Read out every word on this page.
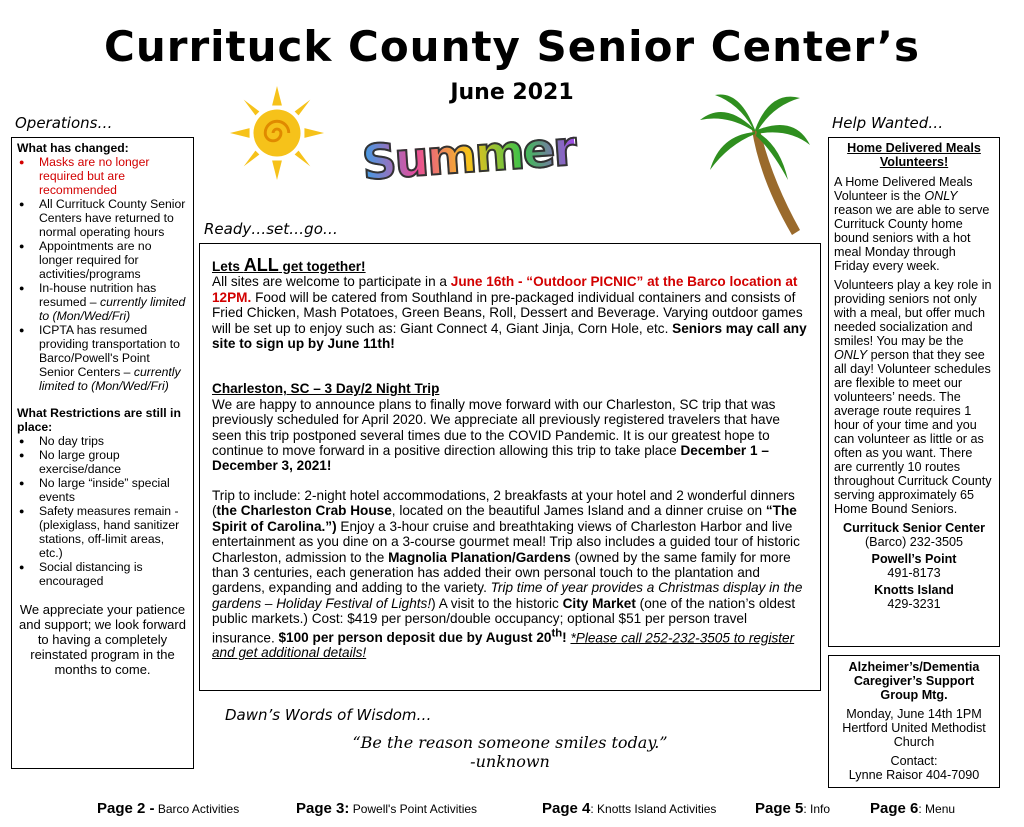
Currituck County Senior Center’s
June 2021
Summer
Operations…
Ready…set…go…
Help Wanted…
What has changed:
● Masks are no longer required but are recommended
● All Currituck County Senior Centers have returned to normal operating hours
● Appointments are no longer required for activities/programs
● In-house nutrition has resumed – currently limited to (Mon/Wed/Fri)
● ICPTA has resumed providing transportation to Barco/Powell's Point Senior Centers – currently limited to (Mon/Wed/Fri)
What Restrictions are still in place:
● No day trips
● No large group exercise/dance
● No large “inside” special events
● Safety measures remain - (plexiglass, hand sanitizer stations, off-limit areas, etc.)
● Social distancing is encouraged
We appreciate your patience and support; we look forward to having a completely reinstated program in the months to come.

Lets ALL get together!

All sites are welcome to participate in a June 16th - “Outdoor PICNIC” at the Barco location at 12PM. Food will be catered from Southland in pre-packaged individual containers and consists of Fried Chicken, Mash Potatoes, Green Beans, Roll, Dessert and Beverage. Varying outdoor games will be set up to enjoy such as: Giant Connect 4, Giant Jinja, Corn Hole, etc. Seniors may call any site to sign up by June 11th!

Charleston, SC – 3 Day/2 Night Trip

We are happy to announce plans to finally move forward with our Charleston, SC trip that was previously scheduled for April 2020. We appreciate all previously registered travelers that have seen this trip postponed several times due to the COVID Pandemic. It is our greatest hope to continue to move forward in a positive direction allowing this trip to take place December 1 – December 3, 2021!

Trip to include: 2-night hotel accommodations, 2 breakfasts at your hotel and 2 wonderful dinners (the Charleston Crab House, located on the beautiful James Island and a dinner cruise on “The Spirit of Carolina.”) Enjoy a 3-hour cruise and breathtaking views of Charleston Harbor and live entertainment as you dine on a 3-course gourmet meal! Trip also includes a guided tour of historic Charleston, admission to the Magnolia Planation/Gardens (owned by the same family for more than 3 centuries, each generation has added their own personal touch to the plantation and gardens, expanding and adding to the variety. Trip time of year provides a Christmas display in the gardens – Holiday Festival of Lights!) A visit to the historic City Market (one of the nation’s oldest public markets.) Cost: $419 per person/double occupancy; optional $51 per person travel insurance. $100 per person deposit due by August 20th! *Please call 252-232-3505 to register and get additional details!

Home Delivered Meals Volunteers!

A Home Delivered Meals Volunteer is the ONLY reason we are able to serve Currituck County home bound seniors with a hot meal Monday through Friday every week.

Volunteers play a key role in providing seniors not only with a meal, but offer much needed socialization and smiles! You may be the ONLY person that they see all day! Volunteer schedules are flexible to meet our volunteers’ needs. The average route requires 1 hour of your time and you can volunteer as little or as often as you want. There are currently 10 routes throughout Currituck County serving approximately 65 Home Bound Seniors.

Currituck Senior Center
(Barco) 232-3505
Powell’s Point
491-8173
Knotts Island
429-3231
Alzheimer’s/Dementia Caregiver’s Support Group Mtg.
Monday, June 14th 1PM Hertford United Methodist Church
Contact:
Lynne Raisor 404-7090
Dawn’s Words of Wisdom…
“Be the reason someone smiles today.”
-unknown
Page 2 - Barco Activities	Page 3: Powell's Point Activities	Page 4: Knotts Island Activities	Page 5: Info	Page 6: Menu
